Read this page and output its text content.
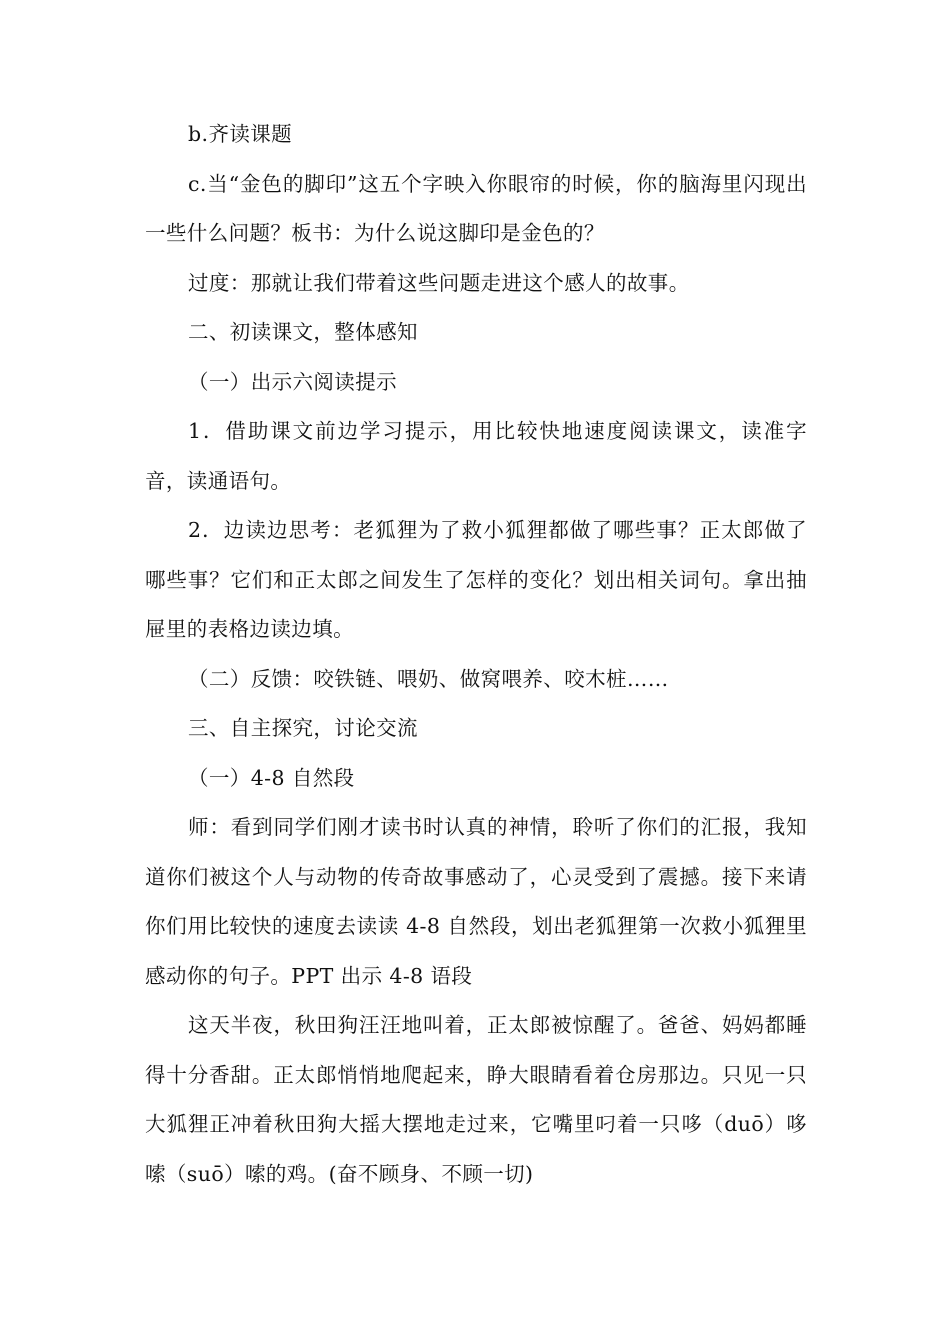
b.齐读课题

c.当“金色的脚印”这五个字映入你眼帘的时候，你的脑海里闪现出一些什么问题？板书：为什么说这脚印是金色的？

过度：那就让我们带着这些问题走进这个感人的故事。

二、初读课文，整体感知

（一）出示六阅读提示

1．借助课文前边学习提示，用比较快地速度阅读课文，读准字音，读通语句。

2．边读边思考：老狐狸为了救小狐狸都做了哪些事？正太郎做了哪些事？它们和正太郎之间发生了怎样的变化？划出相关词句。拿出抽屉里的表格边读边填。

（二）反馈：咬铁链、喂奶、做窝喂养、咬木桩……

三、自主探究，讨论交流

（一）4-8 自然段

师：看到同学们刚才读书时认真的神情，聆听了你们的汇报，我知道你们被这个人与动物的传奇故事感动了，心灵受到了震撼。接下来请你们用比较快的速度去读读 4-8 自然段，划出老狐狸第一次救小狐狸里感动你的句子。PPT 出示 4-8 语段

这天半夜，秋田狗汪汪地叫着，正太郎被惊醒了。爸爸、妈妈都睡得十分香甜。正太郎悄悄地爬起来，睁大眼睛看着仓房那边。只见一只大狐狸正冲着秋田狗大摇大摆地走过来，它嘴里叼着一只哆（duō）哆嗦（suō）嗦的鸡。(奋不顾身、不顾一切)
